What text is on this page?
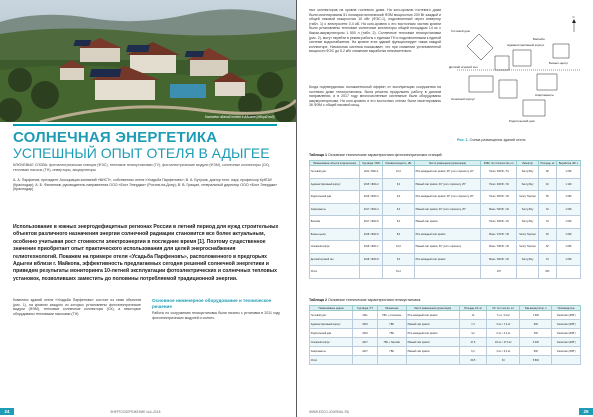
Комплекс зданий отеля в Адыгее (общий вид)
СОЛНЕЧНАЯ ЭНЕРГЕТИКА
УСПЕШНЫЙ ОПЫТ ОТЕЛЯ В АДЫГЕЕ
КЛЮЧЕВЫЕ СЛОВА: фотоэлектрическая станция (ФЭС), тепловые гелиоустановки (ГУ), фотоэлектрические модули (ФЭМ), солнечные коллекторы (СК), тепловые насосы (ТН), инверторы, аккумуляторы
А. А. Парфенов, президент Ассоциации компаний «ВИСТ», собственник отеля «Усадьба Парфеновъ»; В. А. Бутузов, доктор техн. наук, профессор КубГАУ (Краснодар); А. Б. Филиппов, руководитель направления ООО «Бэст Энерджи» (Ростов-на-Дону); В. В. Грищин, генеральный директор ООО «Бэст Энерджи» (Краснодар)
Использование в южных энергодефицитных регионах России в летний период для нужд строительных объектов различного назначения энергии солнечной радиации становится все более актуальным, особенно учитывая рост стоимости электроэнергии в последние время [1]. Поэтому существенное значение приобретает опыт практического использования для целей энергоснабжения гелиотехнологий. Покажем на примере отеля «Усадьба Парфеновъ», расположенного в предгорьях Адыгеи вблизи г. Майкопа, эффективность предлагаемых сегодня решений солнечной энергетики и приведем результаты мониторинга 10-летней эксплуатации фотоэлектрических и солнечных тепловых установок, позволивших заместить до половины потребляемой традиционной энергии.
Комплекс зданий отеля «Усадьба Парфеновъ» состоит из семи объектов (рис. 1), на кровлях каждого из которых установлены фотоэлектрические модули (ФЭМ), тепловые солнечные коллекторы (СК), а некоторые оборудованы тепловыми насосами (ТН).
Основное инженерное оборудование и техническое решение
Работы по сооружению гелиоустановок были начаты с установки в 2011 году фотоэлектрических модулей и солнеч-
24	ЭНЕРГОСБЕРЕЖЕНИЕ №4–2018
ных коллекторов на кровле гостевого дома. На кого-кровлю гостевого дома были смонтированы 51 поликристаллический ФЭМ мощностью 200 Вт каждый и общей пиковой мощностью 10 кВт (ФЭС-1), подключенный через инвертор (табл. 1) к электросети 0,4 кВ. На кого-кровлю к его восточным частям кровли были установлены тепловые солнечные коллекторы общей площадью 14 м² с баком-аккумулятором 1 500 л (табл. 2). Солнечные тепловые гелиоустановки (рис. 2), могут перейти в режим работы с единым ТН и подключенными к единой системе водоснабжения. На кровле этих зданий функционирует также каждой коллекторе. Начальная система показывает, что при снижении установленной мощности ФЭС до 5,2 кВт снижение выработки незначительно.
Когда подтвердилась положительный эффект от эксплуатации сооружения на гостевом доме гелиоустановок, была решена продолжить работу в данном направлении, и в 2017 году многочисленные системные были оборудованы аккумуляторными. На кого-кровлю и его восточных стенах были смонтированы 36 ФЭМ с общей пиковой мощ-
С
Гостевой дом
Административный корпус
Детский игровой зал
Бассейн
Основной корпус
Апартаменты
Родительский дом
Бизнес-центр
Рис. 1. Схема размещения зданий отеля
Таблица 1 Основные технические характеристики фотоэлектрических станций
Наименование объекта (подключение)	Год ввода / ФЭС	Пиковая мощность, кВт	Место размещения (ориентация)	ФЭМ: тип / Количество, шт.	Инвертор	Площадь, м²	Выработка, кВт·ч
Гостевой дом	2011 / ФЭС-1	10,2	Юго-западный скат кровли, 30° угол к горизонту, 20°	Поли / 200 Вт / 51	Sunny Boy	68	1 050
Административный корпус	2015 / ФЭС-2	6,0	Южный скат кровли, 30° угол к горизонту, 25°	Поли / 200 Вт / 30	Sunny Boy	40	1 100
Родительский дом	2016 / ФЭС-3	9,0	Юго-западный скат кровли, 30° угол к горизонту, 25°	Поли / 250 Вт / 36	Sunny Tripower	56	1 080
Апартаменты	2017 / ФЭС-4	6,0	Южный скат кровли, 30° угол к горизонту, 25°	Моно / 300 Вт / 20	Sunny Boy	32	1 090
Бассейн	2017 / ФЭС-5	6,0	Южный скат кровли	Поли / 300 Вт / 20	Sunny Boy	33	1 040
Бизнес-центр	2018 / ФЭС-6	8,0	Юго-западный скат кровли	Моно / 270 Вт / 30	Sunny Tripower	48	1 060
Основной корпус	2018 / ФЭС-7	10,0	Южный скат кровли, 30° угол к горизонту	Моно / 330 Вт / 30	Sunny Tripower	52	1 050
Детский игровой зал	2018 / ФЭС-8	6,0	Юго-западный скат кровли	Моно / 300 Вт / 20	Sunny Boy	34	1 060
Итого		61,2		237		363	
Таблица 2 Основные технические характеристики гелиоустановок
Наименование здания	Год ввода / ГУ	Назначение	Место размещения (ориентация)	Площадь СК, м²	СК: тип / кол-во, шт.	Бак-аккумулятор, л	Производитель
Гостевой дом	2011	ГВС + отопление	Юго-западный скат кровли	14	7 шт. / 14 м²	1 500	Viessmann (ФРГ)
Административный корпус	2015	ГВС	Южный скат кровли	7,4	3 шт. / 7,4 м²	500	Viessmann (ФРГ)
Родительский дом	2016	ГВС	Юго-западный скат кровли	4,2	2 шт. / 4,2 м²	300	Viessmann (ФРГ)
Основной корпус	2017	ГВС + бассейн	Южный скат кровли	37,6	18 шт. / 37,6 м²	3 000	Viessmann (ФРГ)
Апартаменты	2017	ГВС	Южный скат кровли	6,3	3 шт. / 6,3 м²	500	Viessmann (ФРГ)
Итого				69,5	33	5 800	
WWW.ESCO-JOURNAL.RU	25
